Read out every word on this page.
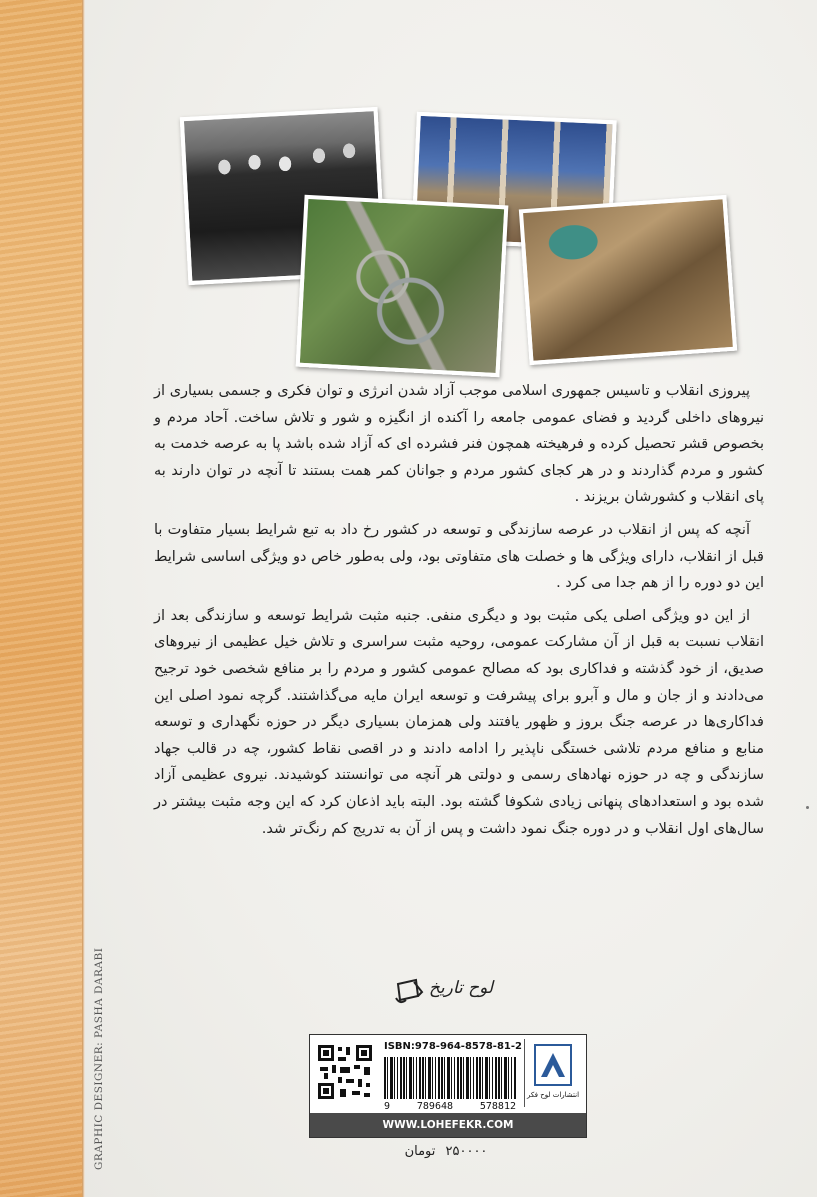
GRAPHIC DESIGNER: PASHA DARABI

پیروزی انقلاب و تاسیس جمهوری اسلامی موجب آزاد شدن انرژی و توان فکری و جسمی بسیاری از نیروهای داخلی گردید و فضای عمومی جامعه را آکنده از انگیزه و شور و تلاش ساخت. آحاد مردم و بخصوص قشر تحصیل کرده و فرهیخته همچون فنر فشرده ای که آزاد شده باشد پا به عرصه خدمت به کشور و مردم گذاردند و در هر کجای کشور مردم و جوانان کمر همت بستند تا آنچه در توان دارند به پای انقلاب و کشورشان بریزند .

آنچه که پس از انقلاب در عرصه سازندگی و توسعه در کشور رخ داد به تبع شرایط بسیار متفاوت با قبل از انقلاب، دارای ویژگی ها و خصلت های متفاوتی بود، ولی به‌طور خاص دو ویژگی اساسی شرایط این دو دوره را از هم جدا می کرد .

از این دو ویژگی اصلی یکی مثبت بود و دیگری منفی. جنبه مثبت شرایط توسعه و سازندگی بعد از انقلاب نسبت به قبل از آن مشارکت عمومی، روحیه مثبت سراسری و تلاش خیل عظیمی از نیروهای صدیق، از خود گذشته و فداکاری بود که مصالح عمومی کشور و مردم را بر منافع شخصی خود ترجیح می‌دادند و از جان و مال و آبرو برای پیشرفت و توسعه ایران مایه می‌گذاشتند. گرچه نمود اصلی این فداکاری‌ها در عرصه جنگ بروز و ظهور یافتند ولی همزمان بسیاری دیگر در حوزه نگهداری و توسعه منابع و منافع مردم تلاشی خستگی ناپذیر را ادامه دادند و در اقصی نقاط کشور، چه در قالب جهاد سازندگی و چه در حوزه نهادهای رسمی و دولتی هر آنچه می توانستند کوشیدند. نیروی عظیمی آزاد شده بود و استعدادهای پنهانی زیادی شکوفا گشته بود. البته باید اذعان کرد که این وجه مثبت بیشتر در سال‌های اول انقلاب و در دوره جنگ نمود داشت و پس از آن به تدریج کم رنگ‌تر شد.

لوح تاریخ
ISBN:978-964-8578-81-2
9	789648	578812
انتشارات لوح فکر
WWW.LOHEFEKR.COM
۲۵۰۰۰۰ تومان
